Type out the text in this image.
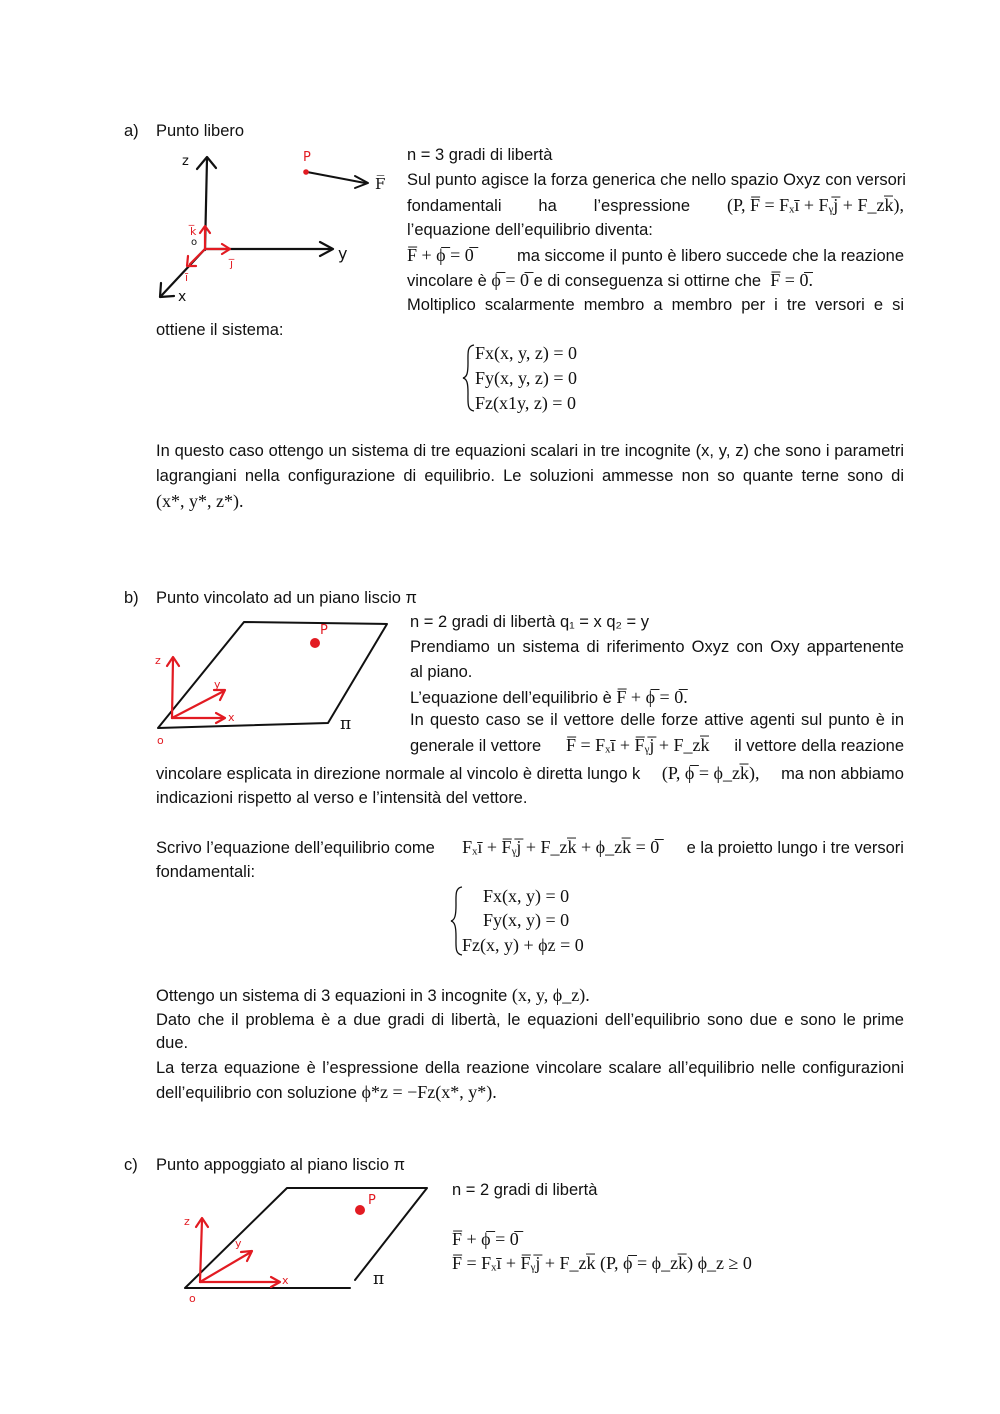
a) Punto libero
z
y
x
o
P
F̅
k̅
ī
j̅
n = 3 gradi di libertà
Sul punto agisce la forza generica che nello spazio Oxyz con versori
fondamentali ha l’espressione (P, F̅ = Fₓī + Fᵧj̅ + F_zk̅),
l’equazione dell’equilibrio diventa:
F̅ + ϕ̅ = 0̅	ma siccome il punto è libero succede che la reazione
vincolare è ϕ̅ = 0̅ e di conseguenza si ottirne che F̅ = 0̅.
Moltiplico scalarmente membro a membro per i tre versori e si
ottiene il sistema:
Fx(x, y, z) = 0
Fy(x, y, z) = 0
Fz(x1y, z) = 0
In questo caso ottengo un sistema di tre equazioni scalari in tre incognite (x, y, z) che sono i parametri
lagrangiani nella configurazione di equilibrio. Le soluzioni ammesse non so quante terne sono di
(x*, y*, z*).
b) Punto vincolato ad un piano liscio π
P
z
y
x
o
π
n = 2 gradi di libertà q₁ = x q₂ = y
Prendiamo un sistema di riferimento Oxyz con Oxy appartenente
al piano.
L’equazione dell’equilibrio è F̅ + ϕ̅ = 0̅.
In questo caso se il vettore delle forze attive agenti sul punto è in
generale il vettore F̅ = Fₓī + F̅ᵧj̅ + F_zk̅ il vettore della reazione
vincolare esplicata in direzione normale al vincolo è diretta lungo k (P, ϕ̅ = ϕ_zk̅), ma non abbiamo
indicazioni rispetto al verso e l’intensità del vettore.
Scrivo l’equazione dell’equilibrio come Fₓī + F̅ᵧj̅ + F_zk̅ + ϕ_zk̅ = 0̅ e la proietto lungo i tre versori
fondamentali:
Fx(x, y) = 0
Fy(x, y) = 0
Fz(x, y) + ϕz = 0
Ottengo un sistema di 3 equazioni in 3 incognite (x, y, ϕ_z).
Dato che il problema è a due gradi di libertà, le equazioni dell’equilibrio sono due e sono le prime
due.
La terza equazione è l’espressione della reazione vincolare scalare all’equilibrio nelle configurazioni
dell’equilibrio con soluzione ϕ*z = −Fz(x*, y*).
c) Punto appoggiato al piano liscio π
P
z
y
x
o
π
n = 2 gradi di libertà
F̅ + ϕ̅ = 0̅
F̅ = Fₓī + F̅ᵧj̅ + F_zk̅ (P, ϕ̅ = ϕ_zk̅) ϕ_z ≥ 0
